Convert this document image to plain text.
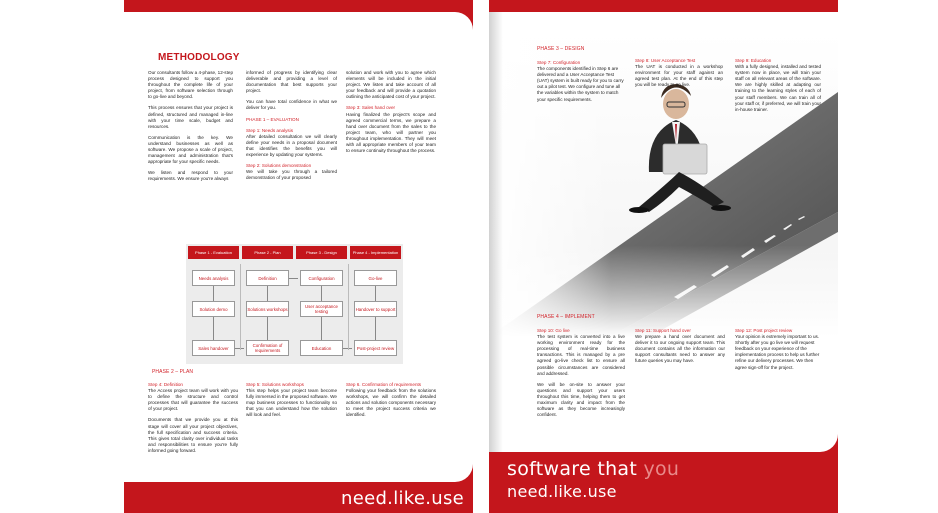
METHODOLOGY
Our consultants follow a 4-phase, 12-step process designed to support you throughout the complete life of your project, from software selection through to go-live and beyond.
This process ensures that your project is defined, structured and managed in-line with your time scale, budget and resources.
Communication is the key. We understand businesses as well as software. We propose a scale of project, management and administration that's appropriate for your specific needs.
We listen and respond to your requirements. We ensure you're always
informed of progress by identifying clear deliverable and providing a level of documentation that best supports your project.
You can have total confidence in what we deliver for you.
PHASE 1 – EVALUATION
Step 1: Needs analysis
After detailed consultation we will clearly define your needs in a proposal document that identifies the benefits you will experience by updating your systems.
Step 2: Solutions demonstration
We will take you through a tailored demonstration of your proposed
solution and work with you to agree which elements will be included in the initial project. We listen and take account of all your feedback and will provide a quotation outlining the anticipated cost of your project.
Step 3: Sales hand over
Having finalized the project's scope and agreed commercial terms, we prepare a hand over document from the sales to the project team, who will partner you throughout implementation. They will meet with all appropriate members of your team to ensure continuity throughout the process.
Phase 1 - Evaluation	Phase 2 - Plan	Phase 3 - Design	Phase 4 - Implementation
Needs analysis
Solution demo
Sales handover
Definition
Solutions workshops
Confirmation of requirements
Configuration
User acceptance testing
Education
Go-live
Handover to support
Post-project review
PHASE 2 – PLAN
Step 4: Definition
The Access project team will work with you to define the structure and control processes that will guarantee the success of your project.
Documents that we provide you at this stage will cover all your project objectives, the full specification and success criteria. This gives total clarity over individual tasks and responsibilities to ensure you're fully informed going forward.
Step 5: Solutions workshops
This step helps your project team become fully immersed in the proposed software. We map business processes to functionality so that you can understand how the solution will look and feel.
Step 6. Confirmation of requirements
Following your feedback from the solutions workshops, we will confirm the detailed actions and solution components necessary to meet the project success criteria we identified.
need.like.use
PHASE 3 – DESIGN
Step 7: Configuration
The components identified in Step 6 are delivered and a User Acceptance Test (UAT) system is built ready for you to carry out a pilot test. We configure and tune all the variables within the system to match your specific requirements.
Step 8: User Acceptance Test
The UAT is conducted in a workshop environment for your staff against an agreed test plan. At the end of this step you will be ready to go live.
Step 9: Education
With a fully designed, installed and tested system now in place, we will train your staff on all relevant areas of the software. We are highly skilled at adapting our training to the learning styles of each of your staff members. We can train all of your staff or, if preferred, we will train your in-house trainer.
PHASE 4 – IMPLEMENT
Step 10: Go live
The test system is converted into a live working environment ready for the processing of real-time business transactions. This is managed by a pre agreed go-live check list to ensure all possible circumstances are considered and addressed.
We will be on-site to answer your questions and support your users throughout this time, helping them to get maximum clarity and impact from the software as they become increasingly confident.
Step 11: Support hand over
We prepare a hand over document and deliver it to our ongoing support team. This document contains all the information our support consultants need to answer any future queries you may have.
Step 12: Post project review
Your opinion is extremely important to us. Shortly after you go live we will request feedback on your experience of the implementation process to help us further refine our delivery processes. We then agree sign-off for the project.
software that you
need.like.use
